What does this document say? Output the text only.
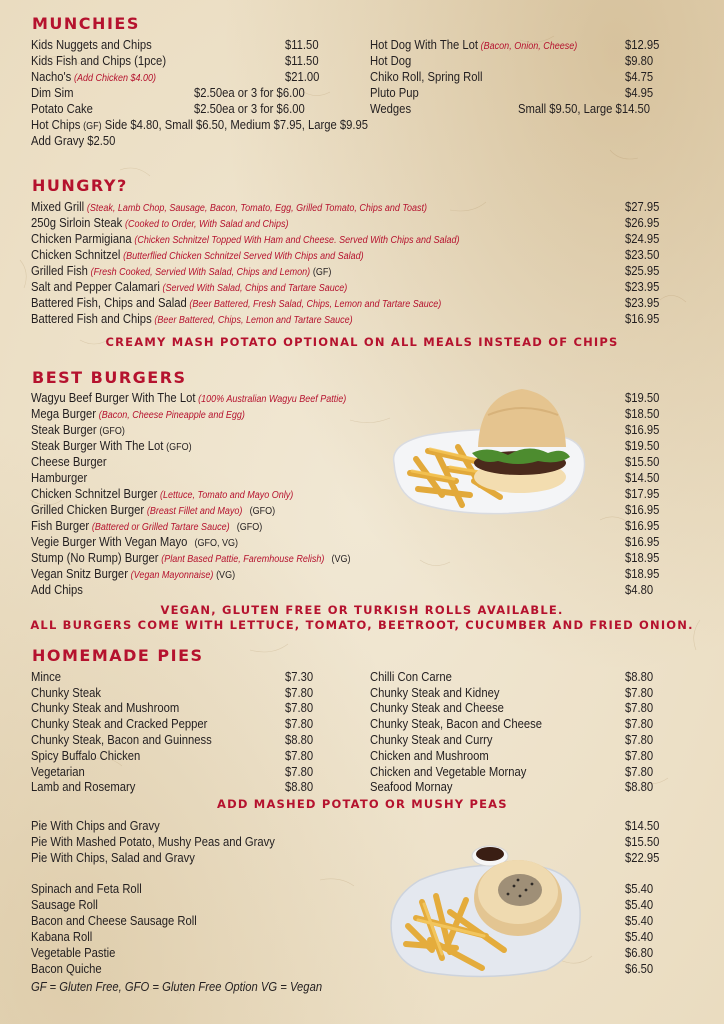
MUNCHIES
Kids Nuggets and Chips	$11.50
Kids Fish and Chips (1pce)	$11.50
Nacho's (Add Chicken $4.00)	$21.00
Dim Sim	$2.50ea or 3 for $6.00
Potato Cake	$2.50ea or 3 for $6.00
Hot Dog With The Lot (Bacon, Onion, Cheese)	$12.95
Hot Dog	$9.80
Chiko Roll, Spring Roll	$4.75
Pluto Pup	$4.95
Wedges	Small $9.50, Large $14.50
Hot Chips (GF) Side $4.80, Small $6.50, Medium $7.95, Large $9.95
Add Gravy $2.50
HUNGRY?
Mixed Grill (Steak, Lamb Chop, Sausage, Bacon, Tomato, Egg, Grilled Tomato, Chips and Toast)	$27.95
250g Sirloin Steak (Cooked to Order, With Salad and Chips)	$26.95
Chicken Parmigiana (Chicken Schnitzel Topped With Ham and Cheese. Served With Chips and Salad)	$24.95
Chicken Schnitzel (Butterflied Chicken Schnitzel Served With Chips and Salad)	$23.50
Grilled Fish (Fresh Cooked, Servied With Salad, Chips and Lemon) (GF)	$25.95
Salt and Pepper Calamari (Served With Salad, Chips and Tartare Sauce)	$23.95
Battered Fish, Chips and Salad (Beer Battered, Fresh Salad, Chips, Lemon and Tartare Sauce)	$23.95
Battered Fish and Chips (Beer Battered, Chips, Lemon and Tartare Sauce)	$16.95
CREAMY MASH POTATO OPTIONAL ON ALL MEALS INSTEAD OF CHIPS
BEST BURGERS
Wagyu Beef Burger With The Lot (100% Australian Wagyu Beef Pattie)	$19.50
Mega Burger (Bacon, Cheese Pineapple and Egg)	$18.50
Steak Burger (GFO)	$16.95
Steak Burger With The Lot (GFO)	$19.50
Cheese Burger	$15.50
Hamburger	$14.50
Chicken Schnitzel Burger (Lettuce, Tomato and Mayo Only)	$17.95
Grilled Chicken Burger (Breast Fillet and Mayo) (GFO)	$16.95
Fish Burger (Battered or Grilled Tartare Sauce) (GFO)	$16.95
Vegie Burger With Vegan Mayo (GFO, VG)	$16.95
Stump (No Rump) Burger (Plant Based Pattie, Faremhouse Relish) (VG)	$18.95
Vegan Snitz Burger (Vegan Mayonnaise) (VG)	$18.95
Add Chips	$4.80
VEGAN, GLUTEN FREE OR TURKISH ROLLS AVAILABLE.
ALL BURGERS COME WITH LETTUCE, TOMATO, BEETROOT, CUCUMBER AND FRIED ONION.
HOMEMADE PIES
Mince	$7.30
Chunky Steak	$7.80
Chunky Steak and Mushroom	$7.80
Chunky Steak and Cracked Pepper	$7.80
Chunky Steak, Bacon and Guinness	$8.80
Spicy Buffalo Chicken	$7.80
Vegetarian	$7.80
Lamb and Rosemary	$8.80
Chilli Con Carne	$8.80
Chunky Steak and Kidney	$7.80
Chunky Steak and Cheese	$7.80
Chunky Steak, Bacon and Cheese	$7.80
Chunky Steak and Curry	$7.80
Chicken and Mushroom	$7.80
Chicken and Vegetable Mornay	$7.80
Seafood Mornay	$8.80
ADD MASHED POTATO OR MUSHY PEAS
Pie With Chips and Gravy	$14.50
Pie With Mashed Potato, Mushy Peas and Gravy	$15.50
Pie With Chips, Salad and Gravy	$22.95
Spinach and Feta Roll	$5.40
Sausage Roll	$5.40
Bacon and Cheese Sausage Roll	$5.40
Kabana Roll	$5.40
Vegetable Pastie	$6.80
Bacon Quiche	$6.50
GF = Gluten Free, GFO = Gluten Free Option VG = Vegan
